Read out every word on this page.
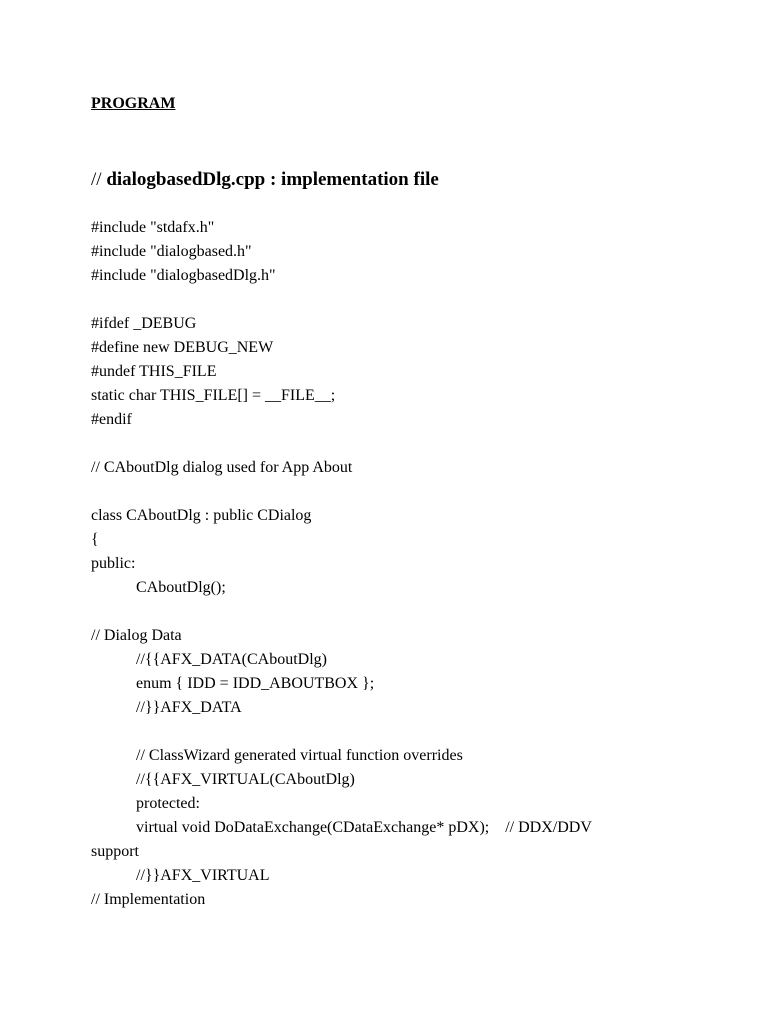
PROGRAM
// dialogbasedDlg.cpp : implementation file
#include "stdafx.h"
#include "dialogbased.h"
#include "dialogbasedDlg.h"
#ifdef _DEBUG
#define new DEBUG_NEW
#undef THIS_FILE
static char THIS_FILE[] = __FILE__;
#endif
// CAboutDlg dialog used for App About
class CAboutDlg : public CDialog
{
public:
CAboutDlg();
// Dialog Data
//{{AFX_DATA(CAboutDlg)
enum { IDD = IDD_ABOUTBOX };
//}}AFX_DATA
// ClassWizard generated virtual function overrides
//{{AFX_VIRTUAL(CAboutDlg)
protected:
virtual void DoDataExchange(CDataExchange* pDX);    // DDX/DDV
support
//}}AFX_VIRTUAL
// Implementation
